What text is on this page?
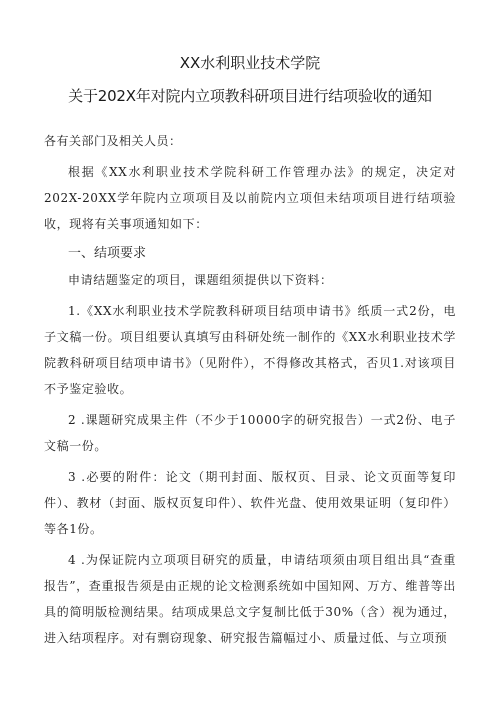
XX水利职业技术学院
关于202X年对院内立项教科研项目进行结项验收的通知
各有关部门及相关人员：

根据《XX水利职业技术学院科研工作管理办法》的规定，决定对202X-20XX学年院内立项项目及以前院内立项但未结项项目进行结项验收，现将有关事项通知如下：

一、结项要求

申请结题鉴定的项目，课题组须提供以下资料：

1.《XX水利职业技术学院教科研项目结项申请书》纸质一式2份，电子文稿一份。项目组要认真填写由科研处统一制作的《XX水利职业技术学院教科研项目结项申请书》（见附件），不得修改其格式，否贝1.对该项目不予鉴定验收。

2 .课题研究成果主件（不少于10000字的研究报告）一式2份、电子文稿一份。

3 .必要的附件：论文（期刊封面、版权页、目录、论文页面等复印件）、教材（封面、版权页复印件）、软件光盘、使用效果证明（复印件）等各1份。

4 .为保证院内立项项目研究的质量，申请结项须由项目组出具“查重报告”，查重报告须是由正规的论文检测系统如中国知网、万方、维普等出具的简明版检测结果。结项成果总文字复制比低于30%（含）视为通过，进入结项程序。对有剽窃现象、研究报告篇幅过小、质量过低、与立项预
